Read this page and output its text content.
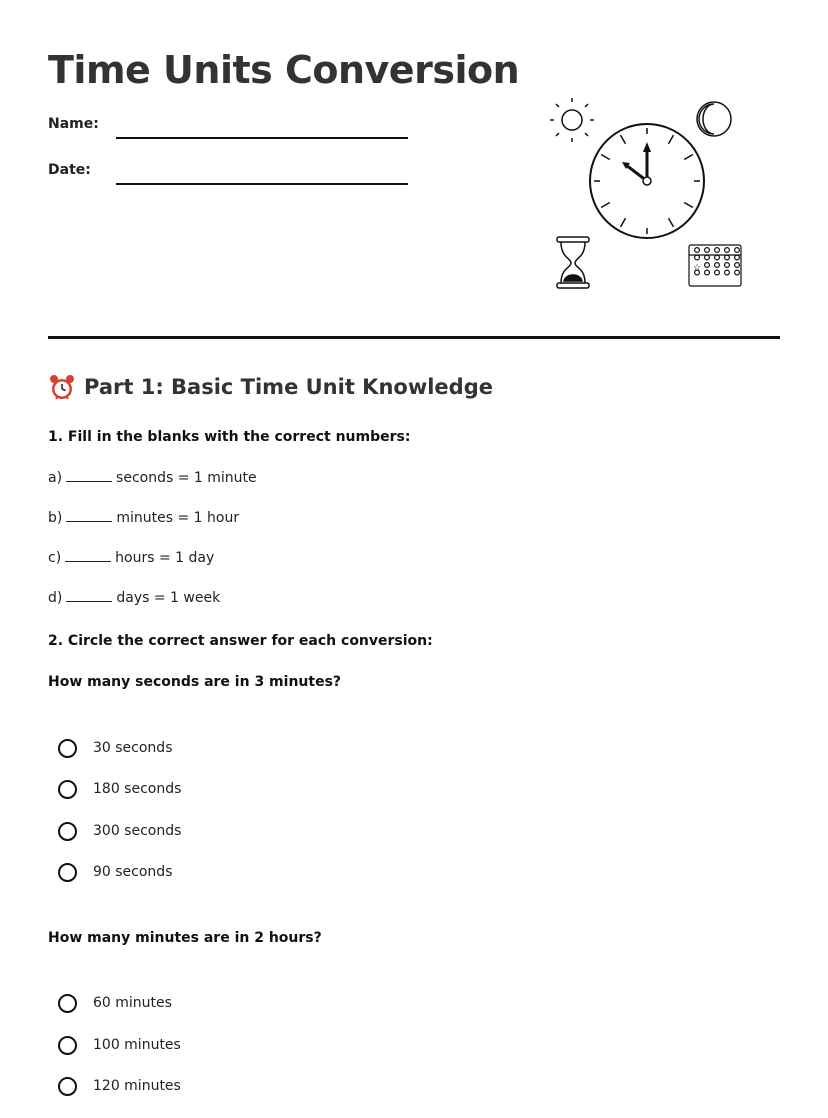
Time Units Conversion
Name:
Date:
☆
Part 1: Basic Time Unit Knowledge

1. Fill in the blanks with the correct numbers:

a)	seconds = 1 minute
b)	minutes = 1 hour
c)	hours = 1 day
d)	days = 1 week

2. Circle the correct answer for each conversion:

How many seconds are in 3 minutes?

30 seconds
180 seconds
300 seconds
90 seconds

How many minutes are in 2 hours?

60 minutes
100 minutes
120 minutes
